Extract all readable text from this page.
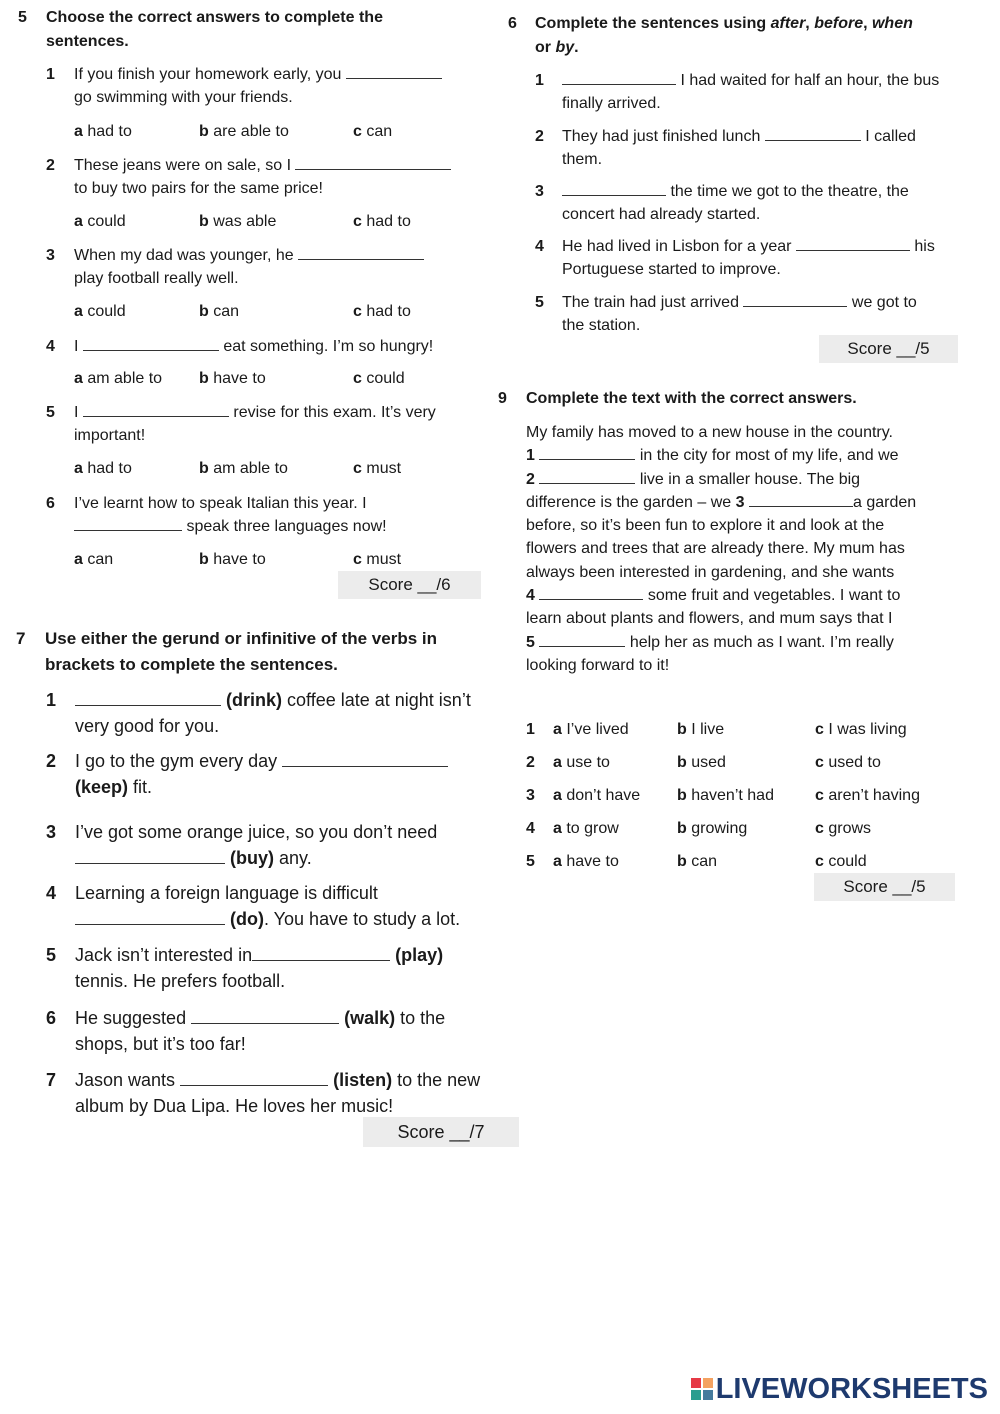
5 Choose the correct answers to complete the sentences.
1 If you finish your homework early, you
go swimming with your friends.
a had to	b are able to	c can
2 These jeans were on sale, so I
to buy two pairs for the same price!
a could	b was able	c had to
3 When my dad was younger, he
play football really well.
a could	b can	c had to
4 I	eat something. I’m so hungry!
a am able to b have to	c could
5 I	revise for this exam. It’s very
important!
a had to	b am able to	c must
6 I’ve learnt how to speak Italian this year. I
speak three languages now!
a can	b have to	c must
Score __/6
6 Complete the sentences using after, before, when
or by.
1	I had waited for half an hour, the bus
finally arrived.
2 They had just finished lunch	I called
them.
3	the time we got to the theatre, the
concert had already started.
4 He had lived in Lisbon for a year	his
Portuguese started to improve.
5 The train had just arrived	we got to
the station.
Score __/5
7 Use either the gerund or infinitive of the verbs in brackets to complete the sentences.
1	(drink) coffee late at night isn’t
very good for you.
2 I go to the gym every day
(keep) fit.
3 I’ve got some orange juice, so you don’t need
(buy) any.
4 Learning a foreign language is difficult
(do). You have to study a lot.
5 Jack isn’t interested in	(play)
tennis. He prefers football.
6 He suggested	(walk) to the
shops, but it’s too far!
7 Jason wants	(listen) to the new
album by Dua Lipa. He loves her music!
Score __/7
9 Complete the text with the correct answers.
My family has moved to a new house in the country.
1	in the city for most of my life, and we
2	live in a smaller house. The big
difference is the garden – we 3	a garden
before, so it’s been fun to explore it and look at the
flowers and trees that are already there. My mum has
always been interested in gardening, and she wants
4	some fruit and vegetables. I want to
learn about plants and flowers, and mum says that I
5	help her as much as I want. I’m really
looking forward to it!
1 a I’ve lived	b I live	c I was living
2 a use to	b used	c used to
3 a don’t have b haven’t had	c aren’t having
4 a to grow	b growing	c grows
5 a have to	b can	c could
Score __/5
LIVEWORKSHEETS
